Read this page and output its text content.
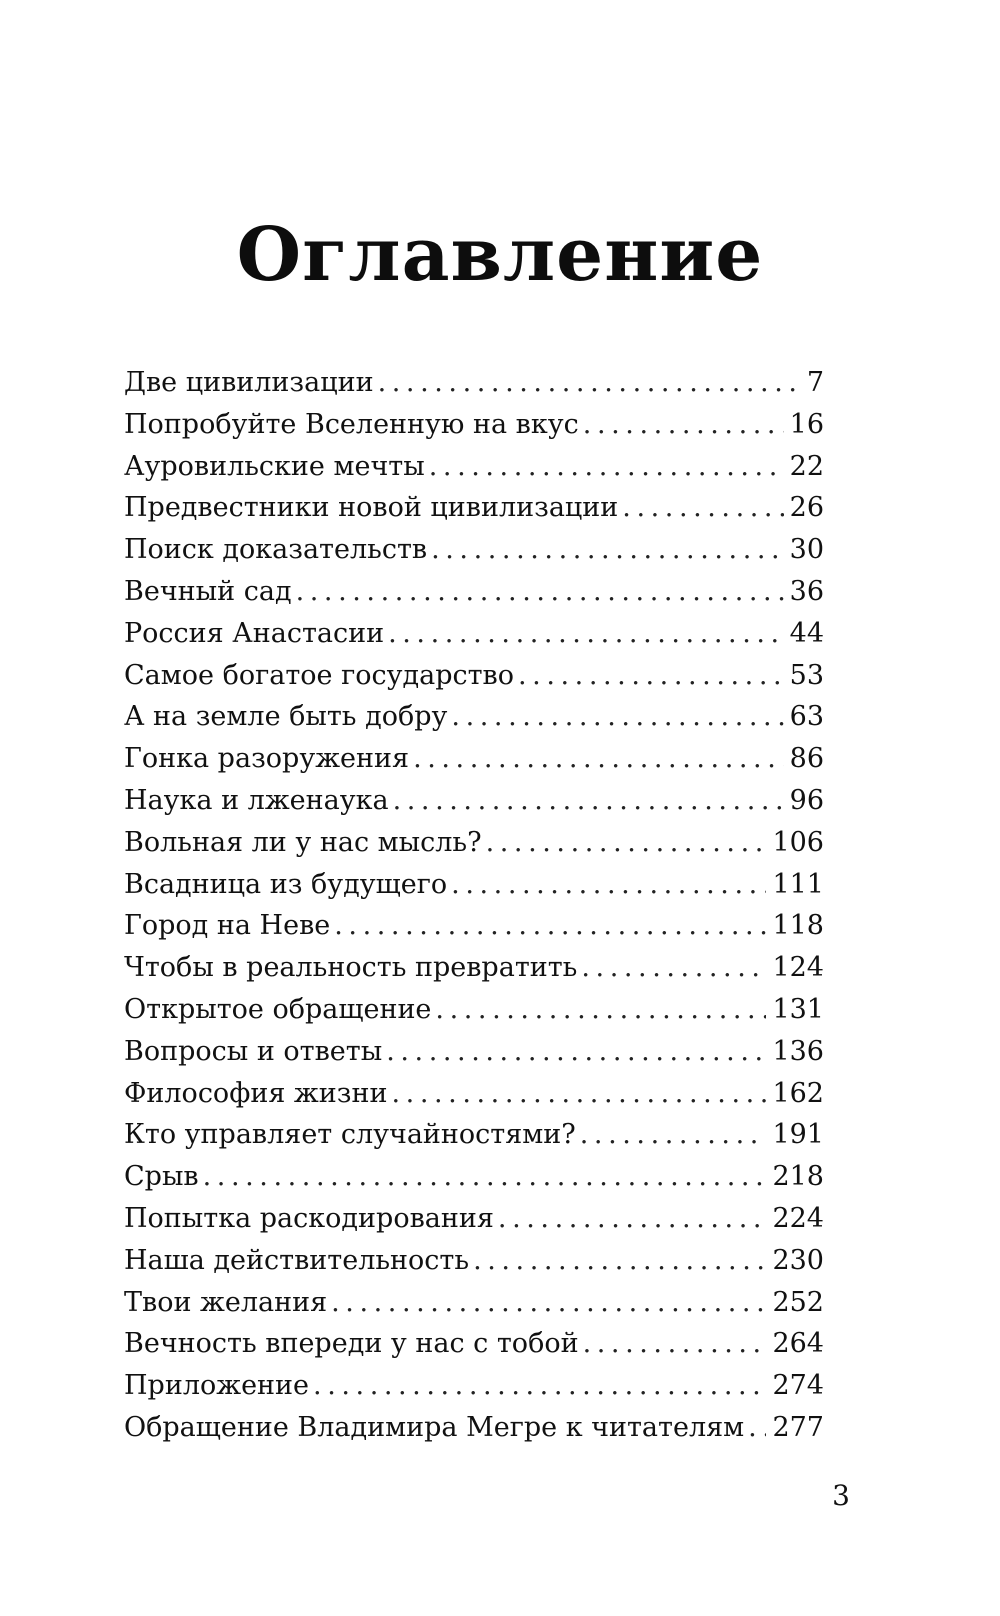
Оглавление
Две цивилизации . . .	7
Попробуйте Вселенную на вкус . . .	16
Ауровильские мечты . . .	22
Предвестники новой цивилизации . . .	26
Поиск доказательств . . .	30
Вечный сад . . .	36
Россия Анастасии . . .	44
Самое богатое государство . . .	53
А на земле быть добру . . .	63
Гонка разоружения . . .	86
Наука и лженаука . . .	96
Вольная ли у нас мысль? . . .	106
Всадница из будущего . . .	111
Город на Неве . . .	118
Чтобы в реальность превратить . . .	124
Открытое обращение . . .	131
Вопросы и ответы . . .	136
Философия жизни . . .	162
Кто управляет случайностями? . . .	191
Срыв . . .	218
Попытка раскодирования . . .	224
Наша действительность . . .	230
Твои желания . . .	252
Вечность впереди у нас с тобой . . .	264
Приложение . . .	274
Обращение Владимира Мегре к читателям . . . 277
3
